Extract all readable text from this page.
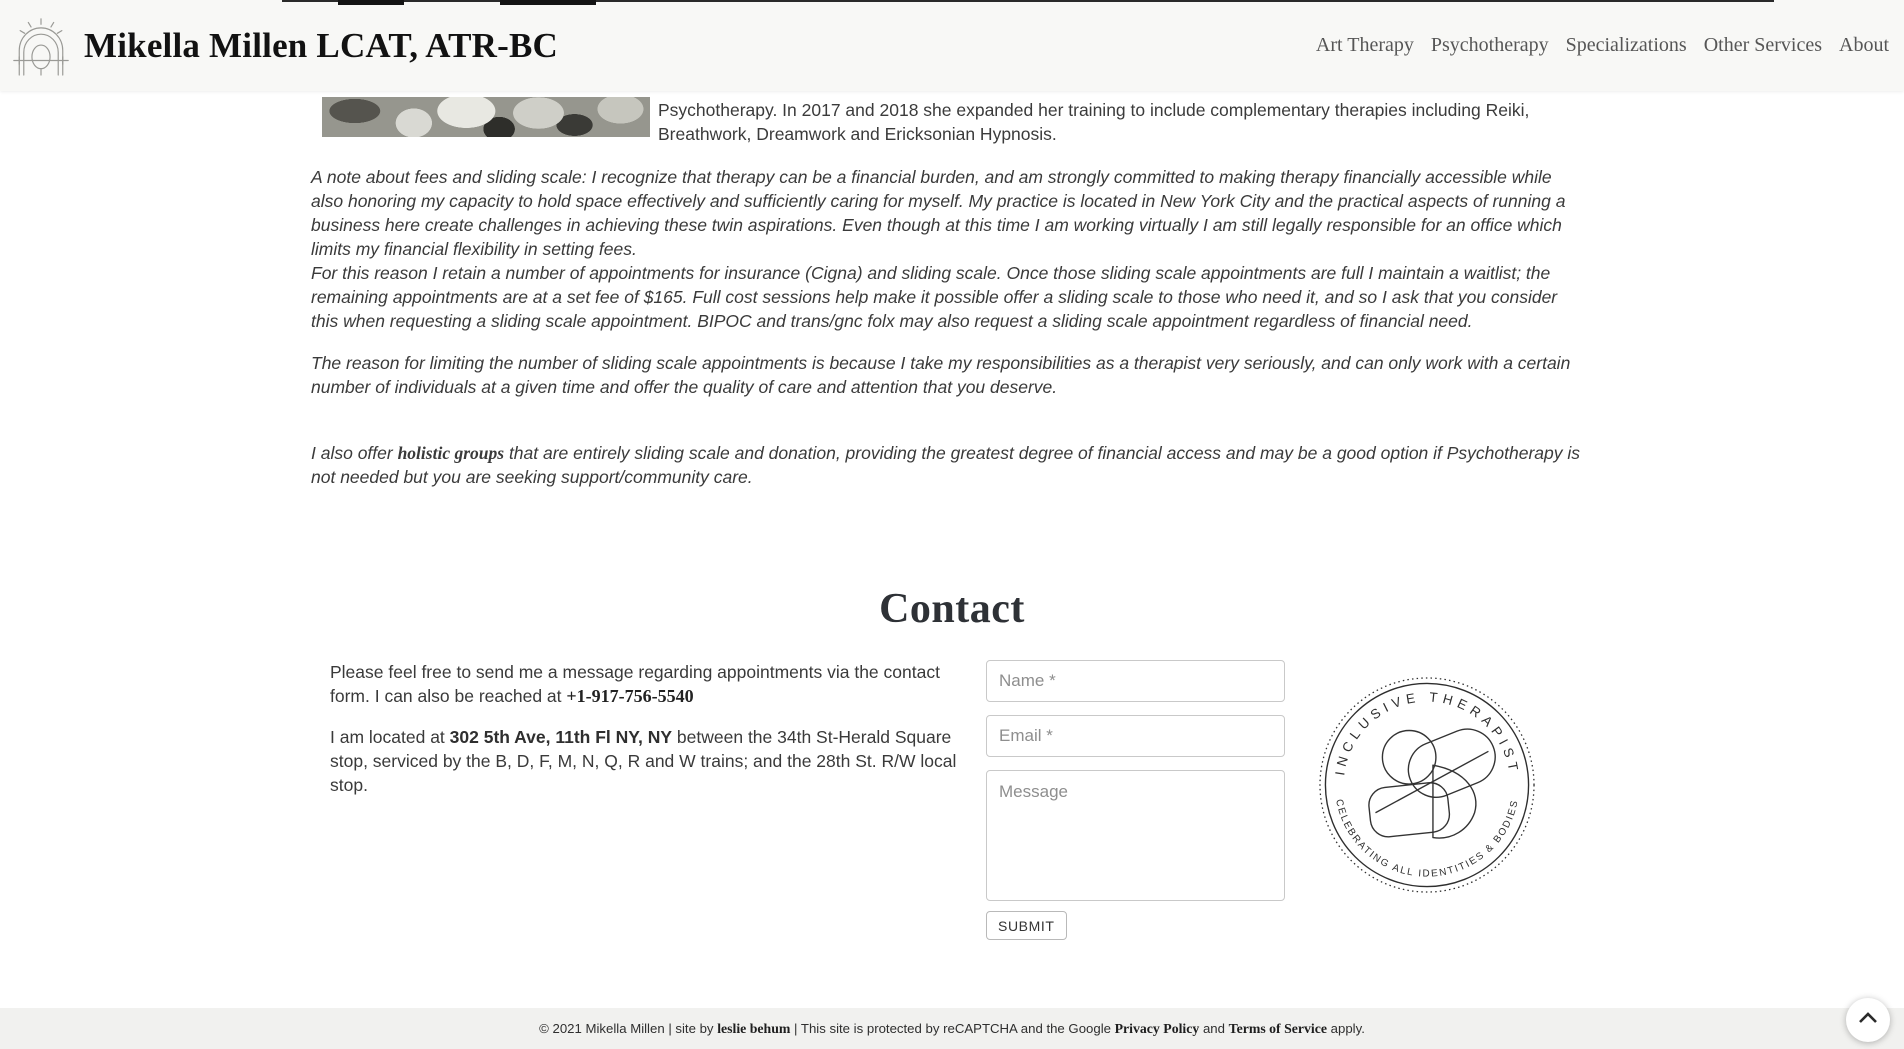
Mikella Millen LCAT, ATR-BC	Art Therapy Psychotherapy Specializations Other Services About

Psychotherapy. In 2017 and 2018 she expanded her training to include complementary therapies including Reiki, Breathwork, Dreamwork and Ericksonian Hypnosis.

A note about fees and sliding scale: I recognize that therapy can be a financial burden, and am strongly committed to making therapy financially accessible while also honoring my capacity to hold space effectively and sufficiently caring for myself. My practice is located in New York City and the practical aspects of running a business here create challenges in achieving these twin aspirations. Even though at this time I am working virtually I am still legally responsible for an office which limits my financial flexibility in setting fees.
For this reason I retain a number of appointments for insurance (Cigna) and sliding scale. Once those sliding scale appointments are full I maintain a waitlist; the remaining appointments are at a set fee of $165. Full cost sessions help make it possible offer a sliding scale to those who need it, and so I ask that you consider this when requesting a sliding scale appointment. BIPOC and trans/gnc folx may also request a sliding scale appointment regardless of financial need.

The reason for limiting the number of sliding scale appointments is because I take my responsibilities as a therapist very seriously, and can only work with a certain number of individuals at a given time and offer the quality of care and attention that you deserve.

I also offer holistic groups that are entirely sliding scale and donation, providing the greatest degree of financial access and may be a good option if Psychotherapy is not needed but you are seeking support/community care.

Contact

Please feel free to send me a message regarding appointments via the contact form. I can also be reached at +1-917-756-5540

I am located at 302 5th Ave, 11th Fl NY, NY between the 34th St-Herald Square stop, serviced by the B, D, F, M, N, Q, R and W trains; and the 28th St. R/W local stop.

Name *
Email *
Message
SUBMIT
INCLUSIVE THERAPIST
CELEBRATING ALL IDENTITIES & BODIES

© 2021 Mikella Millen | site by leslie behum | This site is protected by reCAPTCHA and the Google Privacy Policy and Terms of Service apply.
